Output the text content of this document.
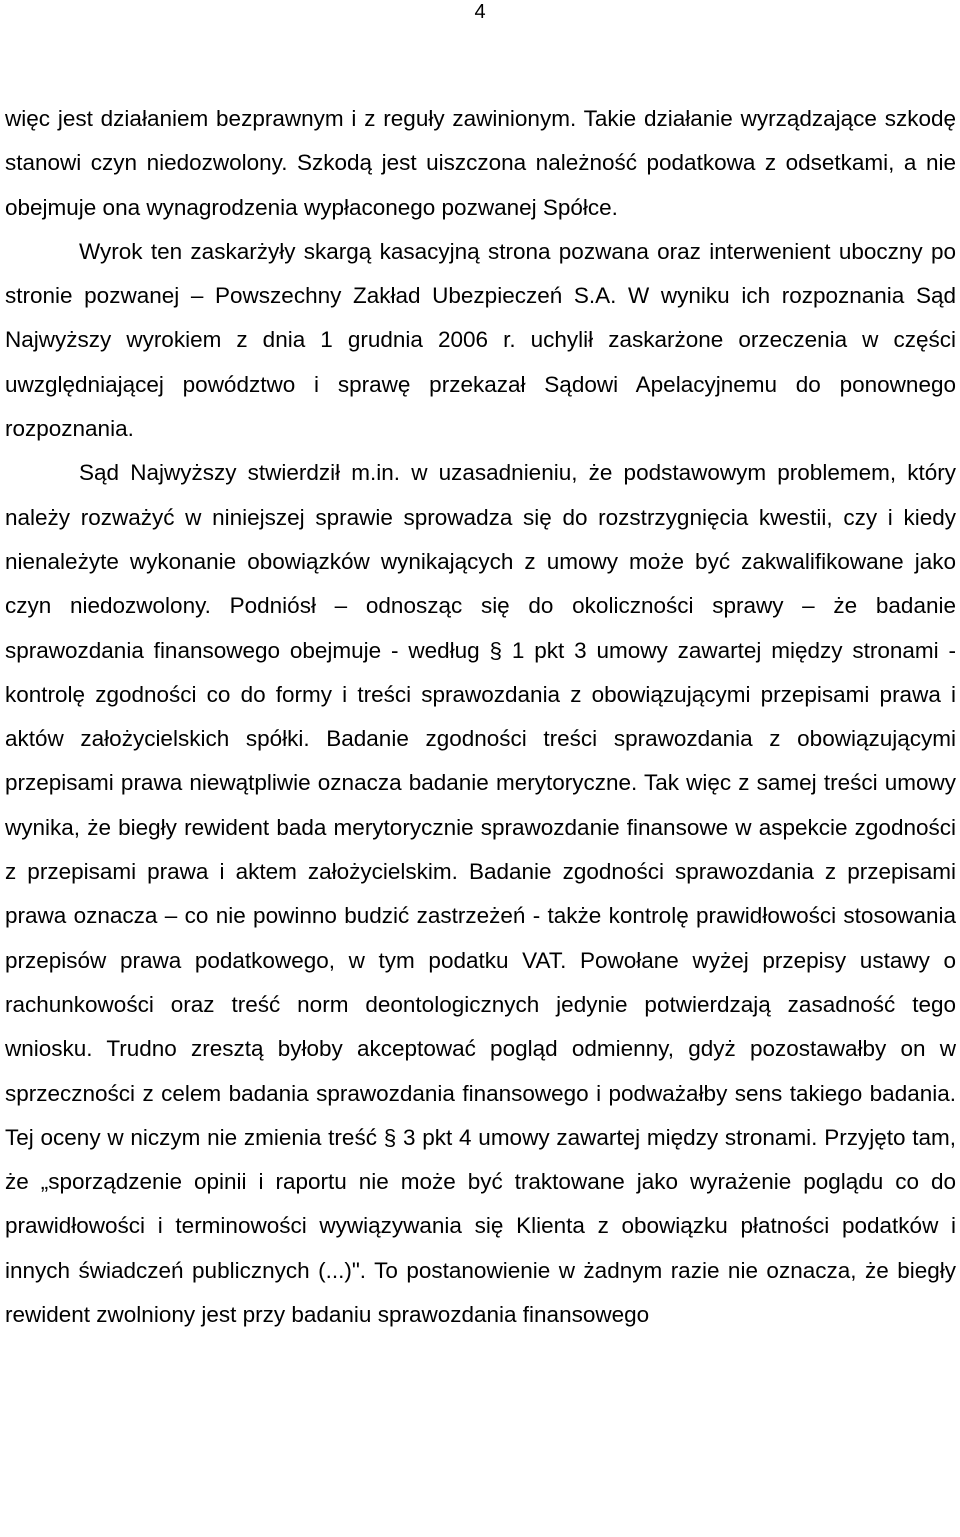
4

więc jest działaniem bezprawnym i z reguły zawinionym. Takie działanie wyrządzające szkodę stanowi czyn niedozwolony. Szkodą jest uiszczona należność podatkowa z odsetkami, a nie obejmuje ona wynagrodzenia wypłaconego pozwanej Spółce.

Wyrok ten zaskarżyły skargą kasacyjną strona pozwana oraz interwenient uboczny po stronie pozwanej – Powszechny Zakład Ubezpieczeń S.A. W wyniku ich rozpoznania Sąd Najwyższy wyrokiem z dnia 1 grudnia 2006 r. uchylił zaskarżone orzeczenia w części uwzględniającej powództwo i sprawę przekazał Sądowi Apelacyjnemu do ponownego rozpoznania.

Sąd Najwyższy stwierdził m.in. w uzasadnieniu, że podstawowym problemem, który należy rozważyć w niniejszej sprawie sprowadza się do rozstrzygnięcia kwestii, czy i kiedy nienależyte wykonanie obowiązków wynikających z umowy może być zakwalifikowane jako czyn niedozwolony. Podniósł – odnosząc się do okoliczności sprawy – że badanie sprawozdania finansowego obejmuje - według § 1 pkt 3 umowy zawartej między stronami - kontrolę zgodności co do formy i treści sprawozdania z obowiązującymi przepisami prawa i aktów założycielskich spółki. Badanie zgodności treści sprawozdania z obowiązującymi przepisami prawa niewątpliwie oznacza badanie merytoryczne. Tak więc z samej treści umowy wynika, że biegły rewident bada merytorycznie sprawozdanie finansowe w aspekcie zgodności z przepisami prawa i aktem założycielskim. Badanie zgodności sprawozdania z przepisami prawa oznacza – co nie powinno budzić zastrzeżeń - także kontrolę prawidłowości stosowania przepisów prawa podatkowego, w tym podatku VAT. Powołane wyżej przepisy ustawy o rachunkowości oraz treść norm deontologicznych jedynie potwierdzają zasadność tego wniosku. Trudno zresztą byłoby akceptować pogląd odmienny, gdyż pozostawałby on w sprzeczności z celem badania sprawozdania finansowego i podważałby sens takiego badania. Tej oceny w niczym nie zmienia treść § 3 pkt 4 umowy zawartej między stronami. Przyjęto tam, że „sporządzenie opinii i raportu nie może być traktowane jako wyrażenie poglądu co do prawidłowości i terminowości wywiązywania się Klienta z obowiązku płatności podatków i innych świadczeń publicznych (...)". To postanowienie w żadnym razie nie oznacza, że biegły rewident zwolniony jest przy badaniu sprawozdania finansowego
